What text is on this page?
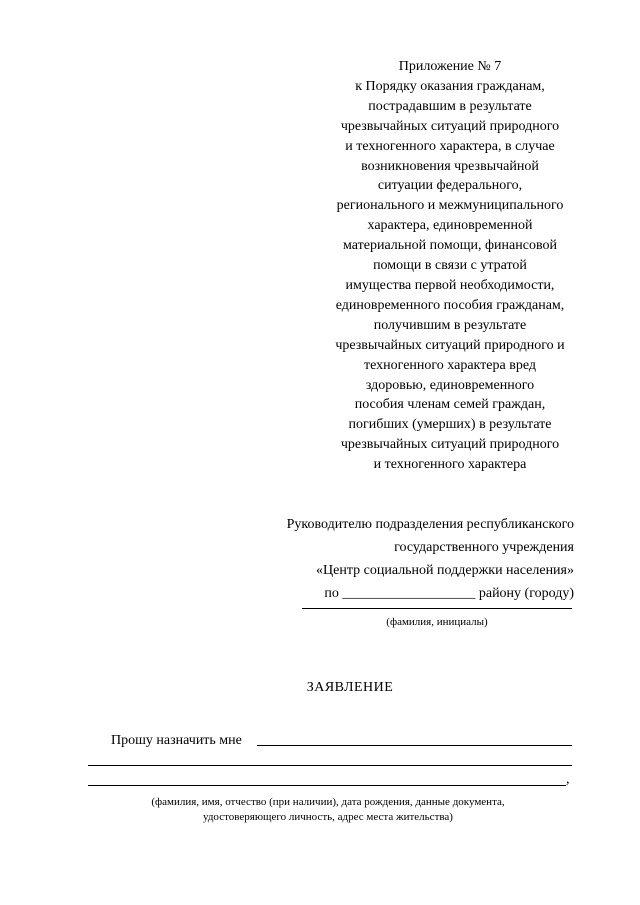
Приложение № 7
к Порядку оказания гражданам,
пострадавшим в результате
чрезвычайных ситуаций природного
и техногенного характера, в случае
возникновения чрезвычайной
ситуации федерального,
регионального и межмуниципального
характера, единовременной
материальной помощи, финансовой
помощи в связи с утратой
имущества первой необходимости,
единовременного пособия гражданам,
получившим в результате
чрезвычайных ситуаций природного и
техногенного характера вред
здоровью, единовременного
пособия членам семей граждан,
погибших (умерших) в результате
чрезвычайных ситуаций природного
и техногенного характера
Руководителю подразделения республиканского
государственного учреждения
«Центр социальной поддержки населения»
по ___________________ району (городу)
(фамилия, инициалы)
ЗАЯВЛЕНИЕ
Прошу назначить мне
,
(фамилия, имя, отчество (при наличии), дата рождения, данные документа,
удостоверяющего личность, адрес места жительства)
